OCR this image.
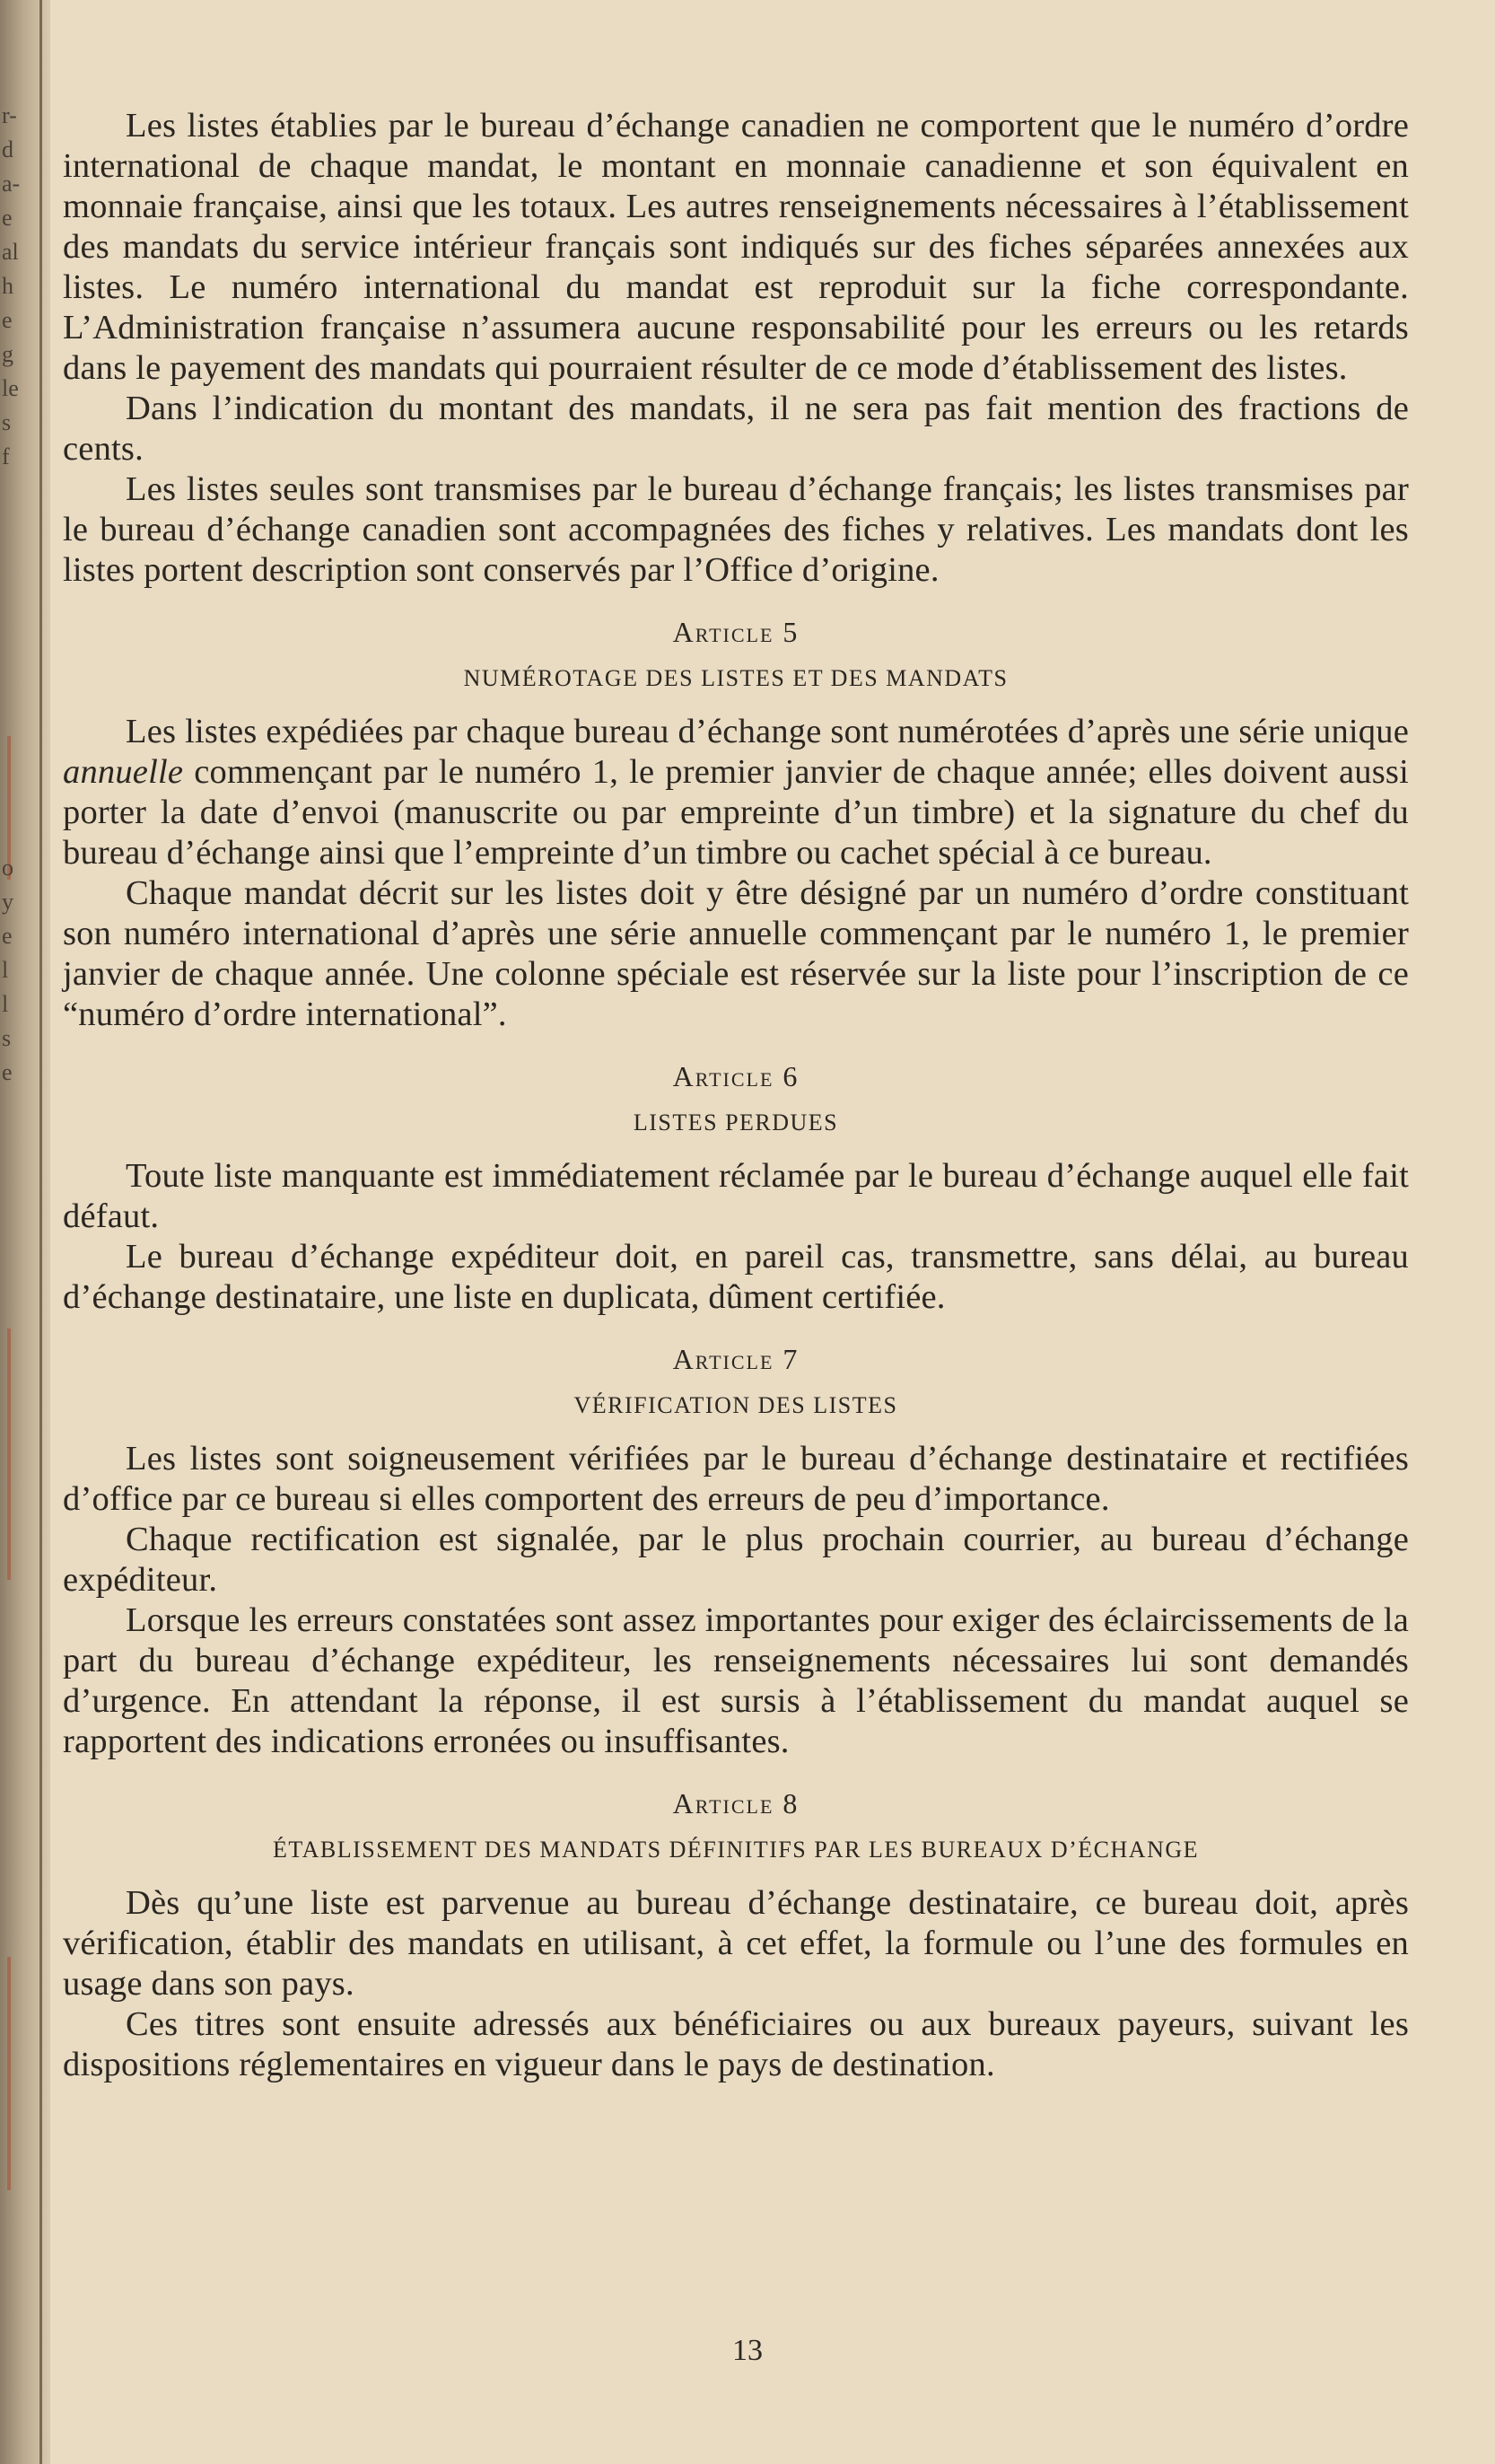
r-
d
a-
e
al
h
e
g
le
s
f
o
y
e
l
l
s
e

Les listes établies par le bureau d’échange canadien ne comportent que le numéro d’ordre international de chaque mandat, le montant en monnaie canadienne et son équivalent en monnaie française, ainsi que les totaux. Les autres renseignements nécessaires à l’établissement des mandats du service intérieur français sont indiqués sur des fiches séparées annexées aux listes. Le numéro international du mandat est reproduit sur la fiche correspondante. L’Administration française n’assumera aucune responsabilité pour les erreurs ou les retards dans le payement des mandats qui pourraient résulter de ce mode d’établissement des listes.

Dans l’indication du montant des mandats, il ne sera pas fait mention des fractions de cents.

Les listes seules sont transmises par le bureau d’échange français; les listes transmises par le bureau d’échange canadien sont accompagnées des fiches y relatives. Les mandats dont les listes portent description sont conservés par l’Office d’origine.

Article 5
NUMÉROTAGE DES LISTES ET DES MANDATS

Les listes expédiées par chaque bureau d’échange sont numérotées d’après une série unique annuelle commençant par le numéro 1, le premier janvier de chaque année; elles doivent aussi porter la date d’envoi (manuscrite ou par empreinte d’un timbre) et la signature du chef du bureau d’échange ainsi que l’empreinte d’un timbre ou cachet spécial à ce bureau.

Chaque mandat décrit sur les listes doit y être désigné par un numéro d’ordre constituant son numéro international d’après une série annuelle commençant par le numéro 1, le premier janvier de chaque année. Une colonne spéciale est réservée sur la liste pour l’inscription de ce “numéro d’ordre international”.

Article 6
LISTES PERDUES

Toute liste manquante est immédiatement réclamée par le bureau d’échange auquel elle fait défaut.

Le bureau d’échange expéditeur doit, en pareil cas, transmettre, sans délai, au bureau d’échange destinataire, une liste en duplicata, dûment certifiée.

Article 7
VÉRIFICATION DES LISTES

Les listes sont soigneusement vérifiées par le bureau d’échange destinataire et rectifiées d’office par ce bureau si elles comportent des erreurs de peu d’importance.

Chaque rectification est signalée, par le plus prochain courrier, au bureau d’échange expéditeur.

Lorsque les erreurs constatées sont assez importantes pour exiger des éclaircissements de la part du bureau d’échange expéditeur, les renseignements nécessaires lui sont demandés d’urgence. En attendant la réponse, il est sursis à l’établissement du mandat auquel se rapportent des indications erronées ou insuffisantes.

Article 8
ÉTABLISSEMENT DES MANDATS DÉFINITIFS PAR LES BUREAUX D’ÉCHANGE

Dès qu’une liste est parvenue au bureau d’échange destinataire, ce bureau doit, après vérification, établir des mandats en utilisant, à cet effet, la formule ou l’une des formules en usage dans son pays.

Ces titres sont ensuite adressés aux bénéficiaires ou aux bureaux payeurs, suivant les dispositions réglementaires en vigueur dans le pays de destination.

13
